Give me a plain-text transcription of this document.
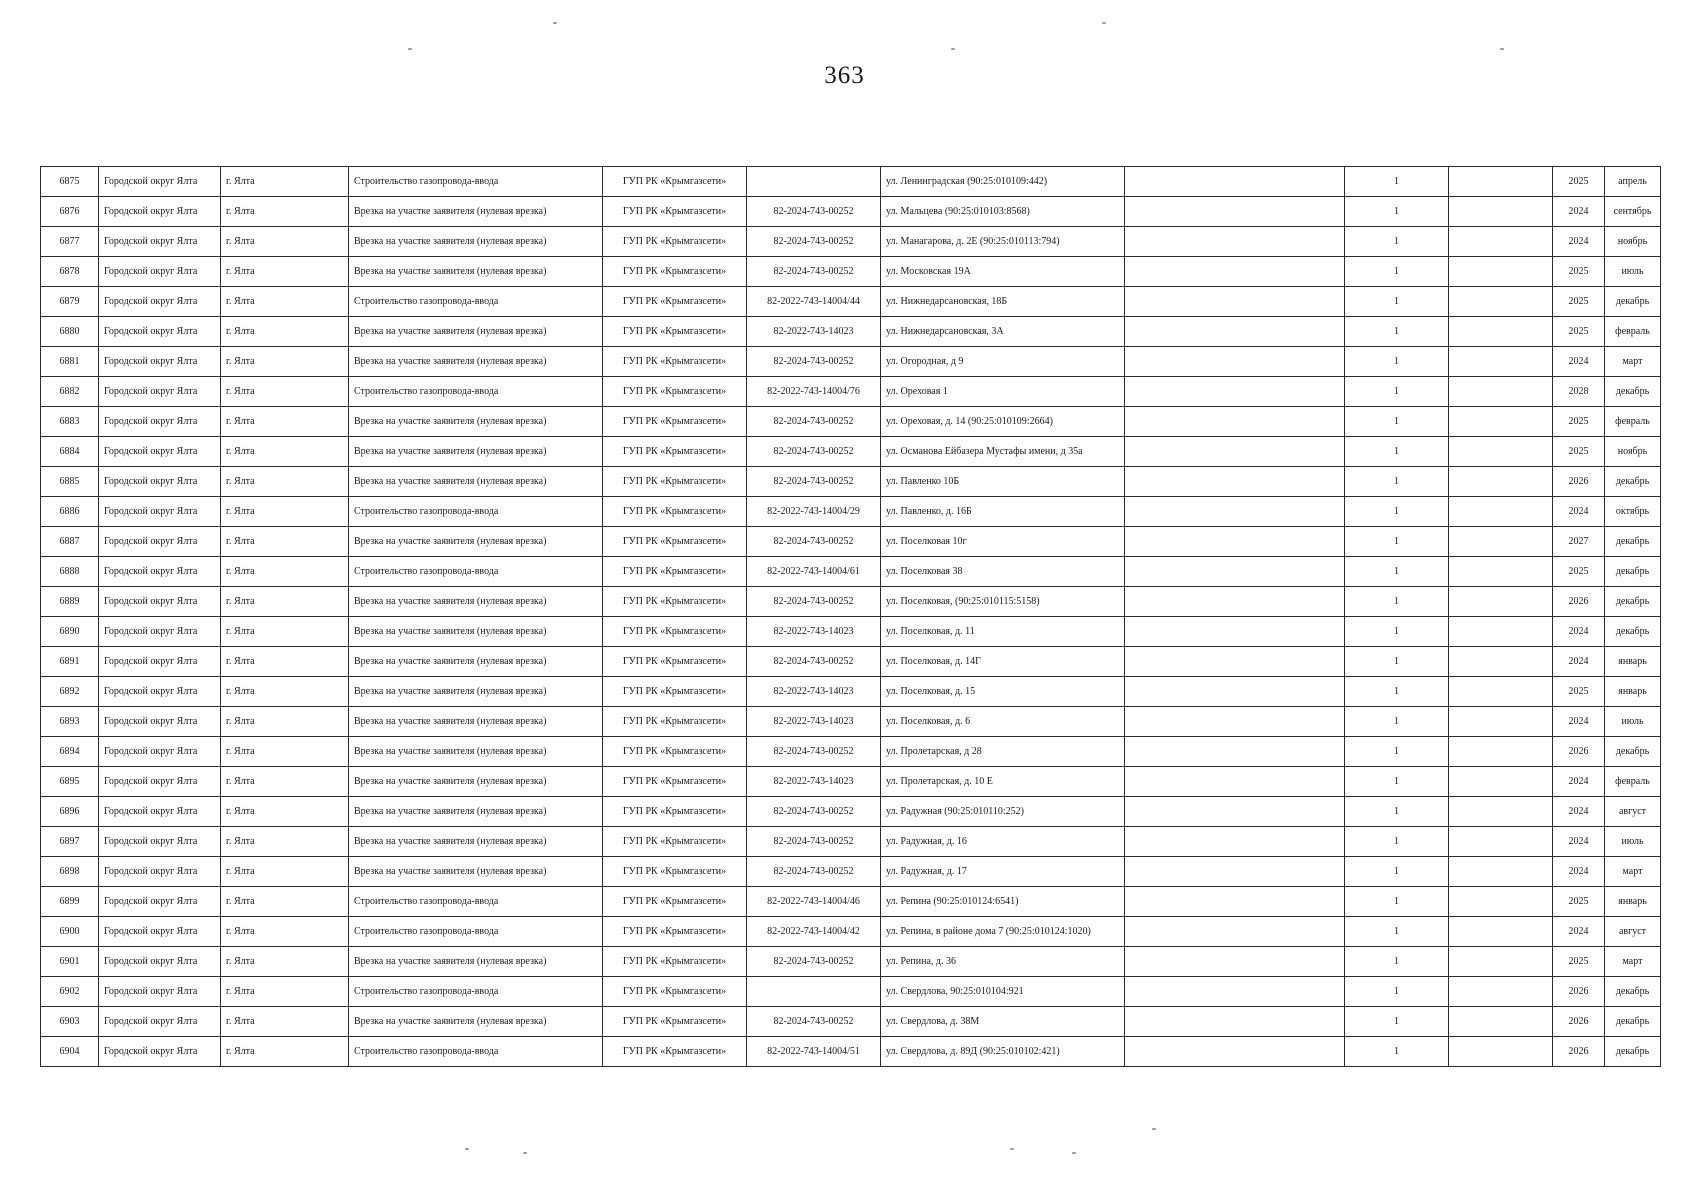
363
6875	Городской округ Ялта	г. Ялта	Строительство газопровода-ввода	ГУП РК «Крымгазсети»		ул. Ленинградская (90:25:010109:442)		1		2025	апрель
6876	Городской округ Ялта	г. Ялта	Врезка на участке заявителя (нулевая врезка)	ГУП РК «Крымгазсети»	82-2024-743-00252	ул. Мальцева (90:25:010103:8568)		1		2024	сентябрь
6877	Городской округ Ялта	г. Ялта	Врезка на участке заявителя (нулевая врезка)	ГУП РК «Крымгазсети»	82-2024-743-00252	ул. Манагарова, д. 2Е (90:25:010113:794)		1		2024	ноябрь
6878	Городской округ Ялта	г. Ялта	Врезка на участке заявителя (нулевая врезка)	ГУП РК «Крымгазсети»	82-2024-743-00252	ул. Московская 19А		1		2025	июль
6879	Городской округ Ялта	г. Ялта	Строительство газопровода-ввода	ГУП РК «Крымгазсети»	82-2022-743-14004/44	ул. Нижнедарсановская, 18Б		1		2025	декабрь
6880	Городской округ Ялта	г. Ялта	Врезка на участке заявителя (нулевая врезка)	ГУП РК «Крымгазсети»	82-2022-743-14023	ул. Нижнедарсановская, 3А		1		2025	февраль
6881	Городской округ Ялта	г. Ялта	Врезка на участке заявителя (нулевая врезка)	ГУП РК «Крымгазсети»	82-2024-743-00252	ул. Огородная, д 9		1		2024	март
6882	Городской округ Ялта	г. Ялта	Строительство газопровода-ввода	ГУП РК «Крымгазсети»	82-2022-743-14004/76	ул. Ореховая 1		1		2028	декабрь
6883	Городской округ Ялта	г. Ялта	Врезка на участке заявителя (нулевая врезка)	ГУП РК «Крымгазсети»	82-2024-743-00252	ул. Ореховая, д. 14 (90:25:010109:2664)		1		2025	февраль
6884	Городской округ Ялта	г. Ялта	Врезка на участке заявителя (нулевая врезка)	ГУП РК «Крымгазсети»	82-2024-743-00252	ул. Османова Ейбазера Мустафы имени, д 35а		1		2025	ноябрь
6885	Городской округ Ялта	г. Ялта	Врезка на участке заявителя (нулевая врезка)	ГУП РК «Крымгазсети»	82-2024-743-00252	ул. Павленко 10Б		1		2026	декабрь
6886	Городской округ Ялта	г. Ялта	Строительство газопровода-ввода	ГУП РК «Крымгазсети»	82-2022-743-14004/29	ул. Павленко, д. 16Б		1		2024	октябрь
6887	Городской округ Ялта	г. Ялта	Врезка на участке заявителя (нулевая врезка)	ГУП РК «Крымгазсети»	82-2024-743-00252	ул. Поселковая 10г		1		2027	декабрь
6888	Городской округ Ялта	г. Ялта	Строительство газопровода-ввода	ГУП РК «Крымгазсети»	82-2022-743-14004/61	ул. Поселковая 38		1		2025	декабрь
6889	Городской округ Ялта	г. Ялта	Врезка на участке заявителя (нулевая врезка)	ГУП РК «Крымгазсети»	82-2024-743-00252	ул. Поселковая, (90:25:010115:5158)		1		2026	декабрь
6890	Городской округ Ялта	г. Ялта	Врезка на участке заявителя (нулевая врезка)	ГУП РК «Крымгазсети»	82-2022-743-14023	ул. Поселковая, д. 11		1		2024	декабрь
6891	Городской округ Ялта	г. Ялта	Врезка на участке заявителя (нулевая врезка)	ГУП РК «Крымгазсети»	82-2024-743-00252	ул. Поселковая, д. 14Г		1		2024	январь
6892	Городской округ Ялта	г. Ялта	Врезка на участке заявителя (нулевая врезка)	ГУП РК «Крымгазсети»	82-2022-743-14023	ул. Поселковая, д. 15		1		2025	январь
6893	Городской округ Ялта	г. Ялта	Врезка на участке заявителя (нулевая врезка)	ГУП РК «Крымгазсети»	82-2022-743-14023	ул. Поселковая, д. 6		1		2024	июль
6894	Городской округ Ялта	г. Ялта	Врезка на участке заявителя (нулевая врезка)	ГУП РК «Крымгазсети»	82-2024-743-00252	ул. Пролетарская, д 28		1		2026	декабрь
6895	Городской округ Ялта	г. Ялта	Врезка на участке заявителя (нулевая врезка)	ГУП РК «Крымгазсети»	82-2022-743-14023	ул. Пролетарская, д. 10 Е		1		2024	февраль
6896	Городской округ Ялта	г. Ялта	Врезка на участке заявителя (нулевая врезка)	ГУП РК «Крымгазсети»	82-2024-743-00252	ул. Радужная (90:25:010110:252)		1		2024	август
6897	Городской округ Ялта	г. Ялта	Врезка на участке заявителя (нулевая врезка)	ГУП РК «Крымгазсети»	82-2024-743-00252	ул. Радужная, д. 16		1		2024	июль
6898	Городской округ Ялта	г. Ялта	Врезка на участке заявителя (нулевая врезка)	ГУП РК «Крымгазсети»	82-2024-743-00252	ул. Радужная, д. 17		1		2024	март
6899	Городской округ Ялта	г. Ялта	Строительство газопровода-ввода	ГУП РК «Крымгазсети»	82-2022-743-14004/46	ул. Репина (90:25:010124:6541)		1		2025	январь
6900	Городской округ Ялта	г. Ялта	Строительство газопровода-ввода	ГУП РК «Крымгазсети»	82-2022-743-14004/42	ул. Репина, в районе дома 7 (90:25:010124:1020)		1		2024	август
6901	Городской округ Ялта	г. Ялта	Врезка на участке заявителя (нулевая врезка)	ГУП РК «Крымгазсети»	82-2024-743-00252	ул. Репина, д. 36		1		2025	март
6902	Городской округ Ялта	г. Ялта	Строительство газопровода-ввода	ГУП РК «Крымгазсети»		ул. Свердлова, 90:25:010104:921		1		2026	декабрь
6903	Городской округ Ялта	г. Ялта	Врезка на участке заявителя (нулевая врезка)	ГУП РК «Крымгазсети»	82-2024-743-00252	ул. Свердлова, д. 38М		1		2026	декабрь
6904	Городской округ Ялта	г. Ялта	Строительство газопровода-ввода	ГУП РК «Крымгазсети»	82-2022-743-14004/51	ул. Свердлова, д. 89Д (90:25:010102:421)		1		2026	декабрь
